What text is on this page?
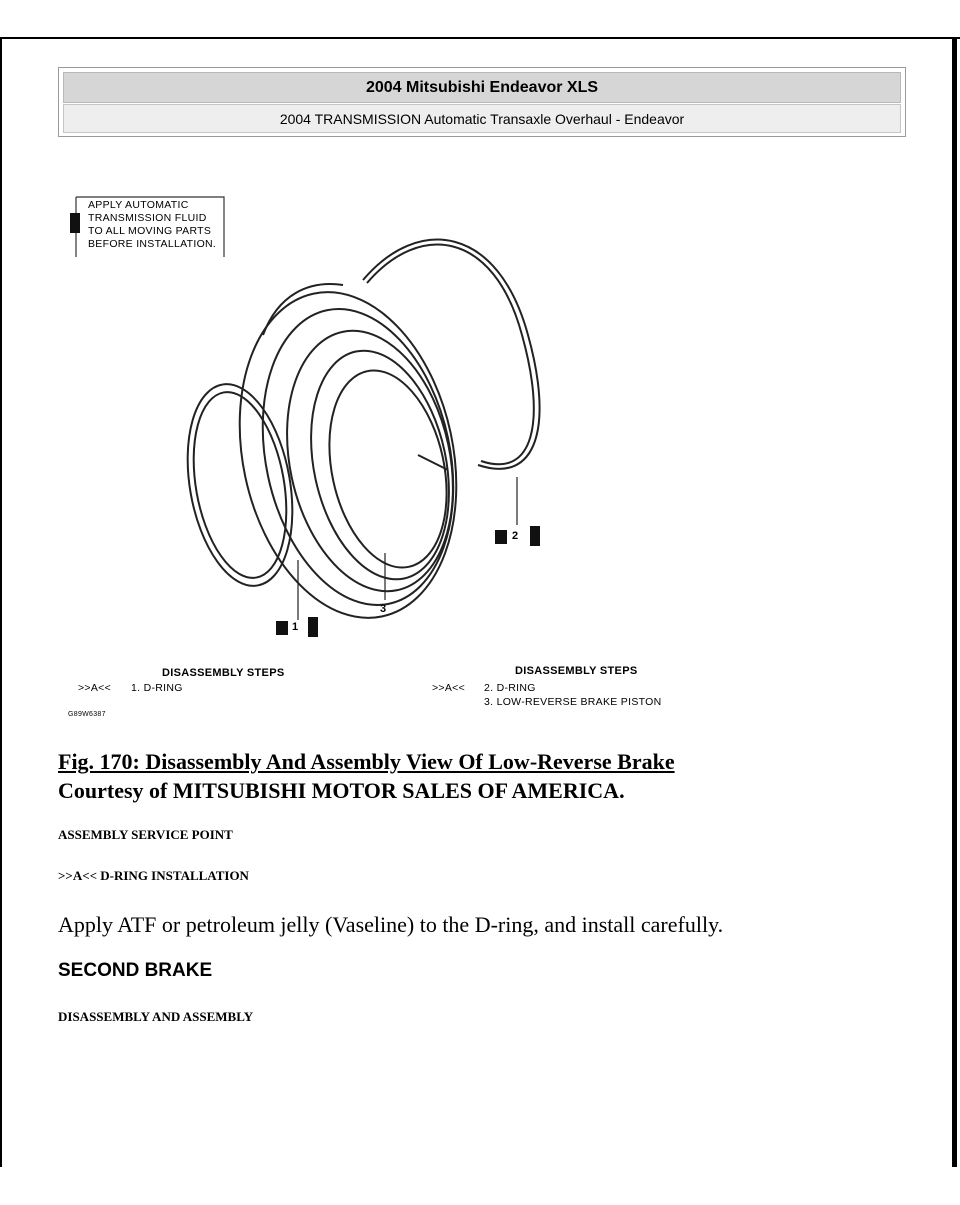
2004 Mitsubishi Endeavor XLS
2004 TRANSMISSION Automatic Transaxle Overhaul - Endeavor
APPLY AUTOMATIC
TRANSMISSION FLUID
TO ALL MOVING PARTS
BEFORE INSTALLATION.
1
2
3
DISASSEMBLY STEPS
>>A<< 1. D-RING
DISASSEMBLY STEPS
>>A<< 2. D-RING
3. LOW-REVERSE BRAKE PISTON
G89W6387
Fig. 170: Disassembly And Assembly View Of Low-Reverse Brake
Courtesy of MITSUBISHI MOTOR SALES OF AMERICA.
ASSEMBLY SERVICE POINT
>>A<< D-RING INSTALLATION
Apply ATF or petroleum jelly (Vaseline) to the D-ring, and install carefully.
SECOND BRAKE
DISASSEMBLY AND ASSEMBLY
